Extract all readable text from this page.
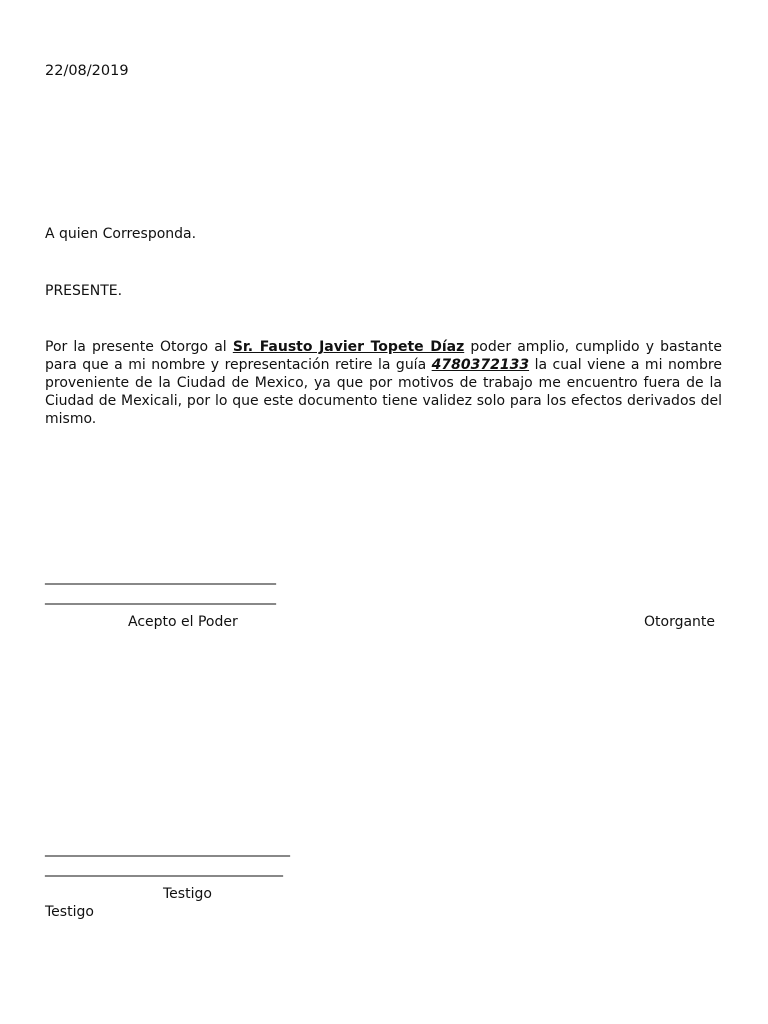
22/08/2019
A quien Corresponda.
PRESENTE.
Por la presente Otorgo al Sr. Fausto Javier Topete Díaz poder amplio, cumplido y bastante para que a mi nombre y representación retire la guía 4780372133 la cual viene a mi nombre proveniente de la Ciudad de Mexico, ya que por motivos de trabajo me encuentro fuera de la Ciudad de Mexicali, por lo que este documento tiene validez solo para los efectos derivados del mismo.
_________________________________
_________________________________
Acepto el Poder	Otorgante
___________________________________
__________________________________
Testigo
Testigo
